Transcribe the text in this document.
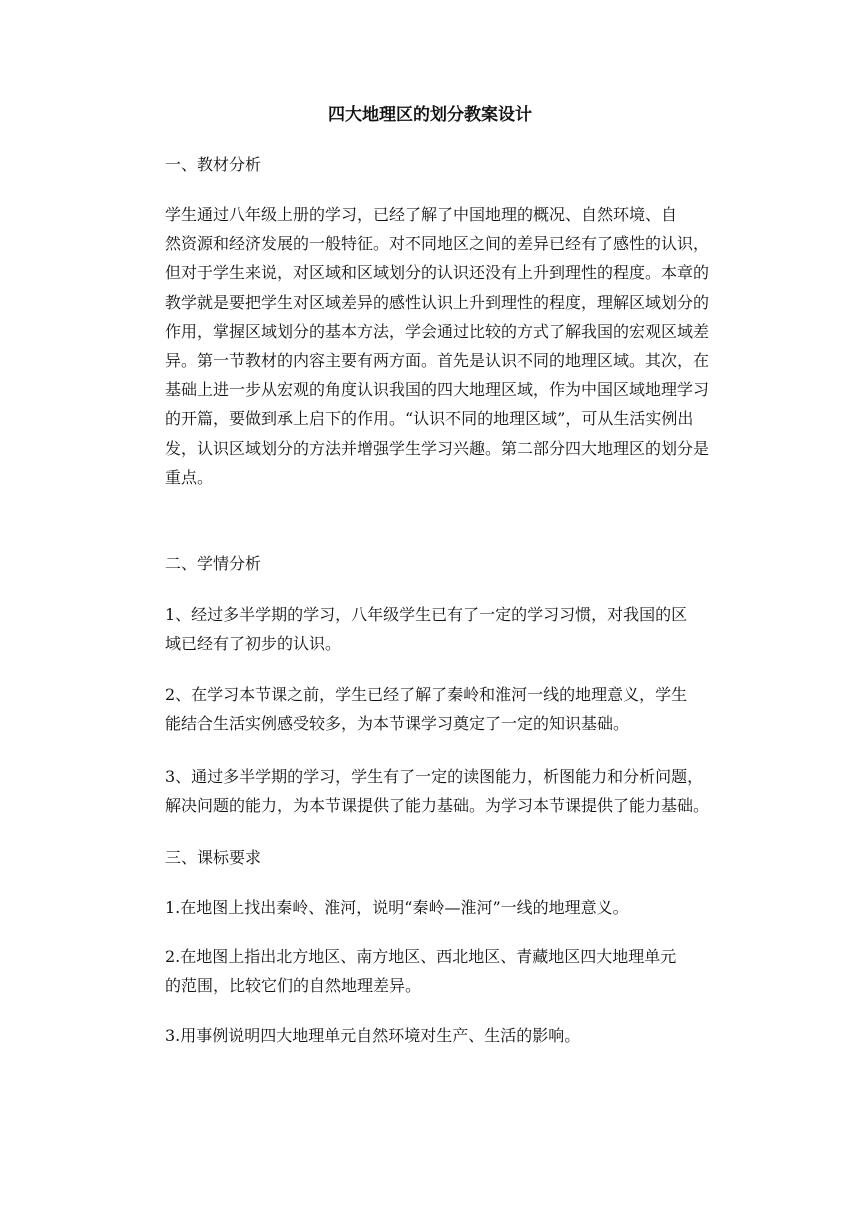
四大地理区的划分教案设计
一、教材分析
学生通过八年级上册的学习，已经了解了中国地理的概况、自然环境、自
然资源和经济发展的一般特征。对不同地区之间的差异已经有了感性的认识，
但对于学生来说，对区域和区域划分的认识还没有上升到理性的程度。本章的
教学就是要把学生对区域差异的感性认识上升到理性的程度，理解区域划分的
作用，掌握区域划分的基本方法，学会通过比较的方式了解我国的宏观区域差
异。第一节教材的内容主要有两方面。首先是认识不同的地理区域。其次，在
基础上进一步从宏观的角度认识我国的四大地理区域，作为中国区域地理学习
的开篇，要做到承上启下的作用。“认识不同的地理区域”，可从生活实例出
发，认识区域划分的方法并增强学生学习兴趣。第二部分四大地理区的划分是
重点。
二、学情分析
1、经过多半学期的学习，八年级学生已有了一定的学习习惯，对我国的区
域已经有了初步的认识。
2、在学习本节课之前，学生已经了解了秦岭和淮河一线的地理意义，学生
能结合生活实例感受较多，为本节课学习奠定了一定的知识基础。
3、通过多半学期的学习，学生有了一定的读图能力，析图能力和分析问题，
解决问题的能力，为本节课提供了能力基础。为学习本节课提供了能力基础。
三、课标要求
1.在地图上找出秦岭、淮河，说明“秦岭—淮河”一线的地理意义。
2.在地图上指出北方地区、南方地区、西北地区、青藏地区四大地理单元
的范围，比较它们的自然地理差异。
3.用事例说明四大地理单元自然环境对生产、生活的影响。
